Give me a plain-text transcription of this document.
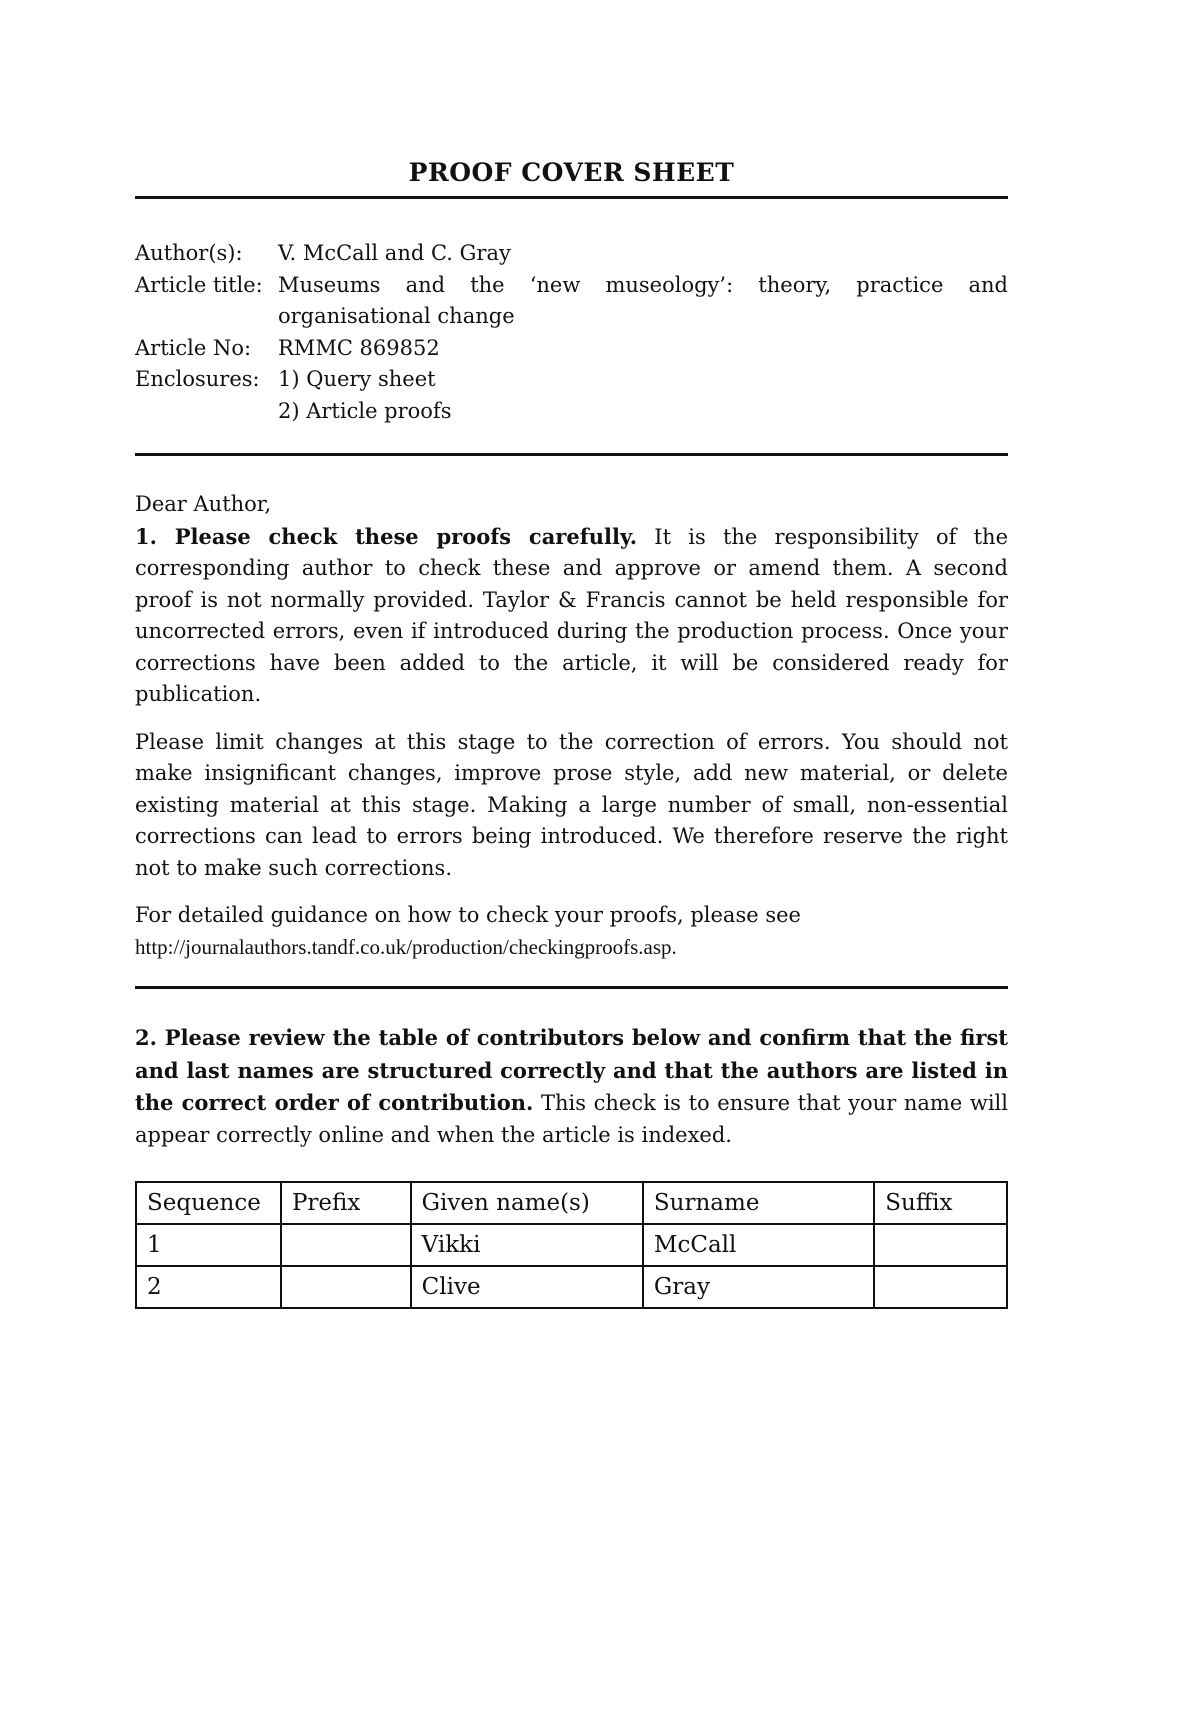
PROOF COVER SHEET
Author(s):	V. McCall and C. Gray
Article title: Museums and the ‘new museology’: theory, practice and organisational change
Article No:	RMMC 869852
Enclosures: 1) Query sheet
2) Article proofs

Dear Author,

1. Please check these proofs carefully. It is the responsibility of the corresponding author to check these and approve or amend them. A second proof is not normally provided. Taylor & Francis cannot be held responsible for uncorrected errors, even if introduced during the production process. Once your corrections have been added to the article, it will be considered ready for publication.

Please limit changes at this stage to the correction of errors. You should not make insignificant changes, improve prose style, add new material, or delete existing material at this stage. Making a large number of small, non-essential corrections can lead to errors being introduced. We therefore reserve the right not to make such corrections.

For detailed guidance on how to check your proofs, please see

http://journalauthors.tandf.co.uk/production/checkingproofs.asp.

2. Please review the table of contributors below and confirm that the first and last names are structured correctly and that the authors are listed in the correct order of contribution. This check is to ensure that your name will appear correctly online and when the article is indexed.

Sequence	Prefix	Given name(s)	Surname	Suffix
1		Vikki	McCall	
2		Clive	Gray	
